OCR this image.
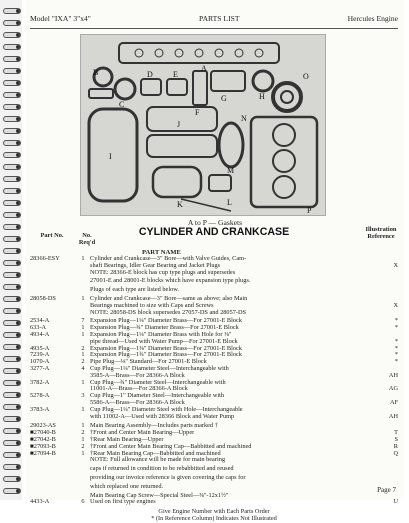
Model "IXA" 3"x4"	PARTS LIST	Hercules Engine
A
B
C
D	E
F
G	H
I
J
K	L
M
N
O
P
A to P — Gaskets
Part No.	No. Req'd
CYLINDER AND CRANKCASE
PART NAME
Illustration Reference
28366-ESY	1 Cylinder and Crankcase—3" Bore—with Valve Guides, Cam-
shaft Bearings, Idler Gear Bearing and Jacket Plugs	X
NOTE: 28366-E block has cup type plugs and supersedes
27001-E and 28001-E blocks which have expansion type plugs.
Plugs of each type are listed below.
28058-DS	1 Cylinder and Crankcase—3" Bore—same as above; also Main
Bearings machined to size with Caps and Screws	X
NOTE: 28058-DS block supersedes 27057-DS and 28057-DS
2534-A	7 Expansion Plug—1¼" Diameter Brass—For 27001-E Block	*
633-A	1 Expansion Plug—¾" Diameter Brass—For 27001-E Block	*
4934-A	1 Expansion Plug—1¼" Diameter Brass with Hole for ⅜"
pipe thread—Used with Water Pump—For 27001-E Block	*
4935-A	2 Expansion Plug—1⅜" Diameter Brass—For 27001-E Block	*
7239-A	1 Expansion Plug—1¾" Diameter Brass—For 27001-E Block	*
1070-A	2 Pipe Plug—⅛" Standard—For 27001-E Block	*
3277-A	4 Cup Plug—1¼" Diameter Steel—Interchangeable with
3585-A—Brass—For 28366-A Block	AH
3782-A	1 Cup Plug—¾" Diameter Steel—Interchangeable with
11001-A—Brass—For 28366-A Block	AG
5278-A	3 Cup Plug—1" Diameter Steel—Interchangeable with
5586-A—Brass—For 28366-A Block	AF
3783-A	1 Cup Plug—1¼" Diameter Steel with Hole—Interchangeable
with 11002-A—Used with 28366 Block and Water Pump	AH
29023-AS	1 Main Bearing Assembly—Includes parts marked †
■27040-B	2 †Front and Center Main Bearing—Upper	T
■27042-B	1 †Rear Main Bearing—Upper	S
■27093-B	2 †Front and Center Main Bearing Cap—Babbitted and machined	R
■27094-B	1 †Rear Main Bearing Cap—Babbitted and machined	Q
NOTE: Full allowance will be made for main bearing
caps if returned in condition to be rebabbitted and reused
providing our invoice reference is given covering the caps for
which replaced one returned.
Main Bearing Cap Screw—Special Steel—⅜"-12x1½"
4433-A	6 Used on first type engines	U
Give Engine Number with Each Parts Order
* (In Reference Column) Indicates Not Illustrated
Page 7
